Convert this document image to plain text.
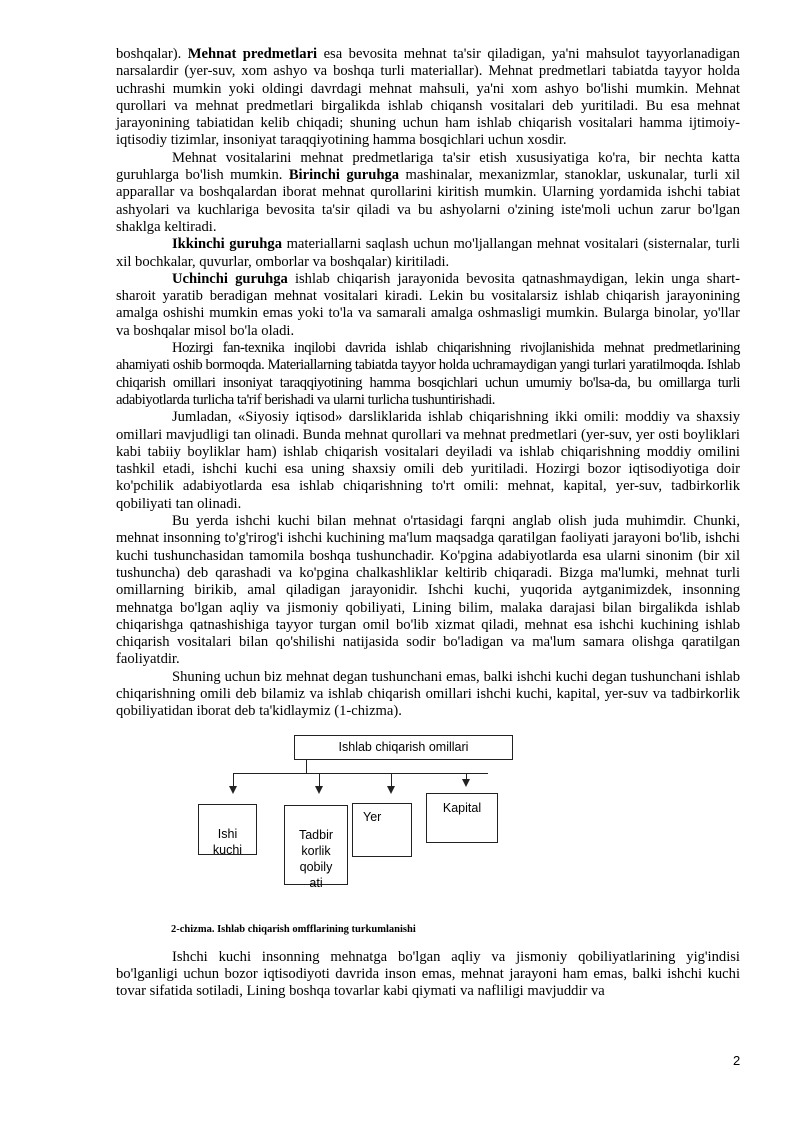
boshqalar). Mehnat predmetlari esa bevosita mehnat ta'sir qiladigan, ya'ni mahsulot tayyorlanadigan narsalardir (yer-suv, xom ashyo va boshqa turli materiallar). Mehnat predmetlari tabiatda tayyor holda uchrashi mumkin yoki oldingi davrdagi mehnat mahsuli, ya'ni xom ashyo bo'lishi mumkin. Mehnat qurollari va mehnat predmetlari birgalikda ishlab chiqansh vositalari deb yuritiladi. Bu esa mehnat jarayonining tabiatidan kelib chiqadi; shuning uchun ham ishlab chiqarish vositalari hamma ijtimoiy-iqtisodiy tizimlar, insoniyat taraqqiyotining hamma bosqichlari uchun xosdir.

Mehnat vositalarini mehnat predmetlariga ta'sir etish xususiyatiga ko'ra, bir nechta katta guruhlarga bo'lish mumkin. Birinchi guruhga mashinalar, mexanizmlar, stanoklar, uskunalar, turli xil apparallar va boshqalardan iborat mehnat qurollarini kiritish mumkin. Ularning yordamida ishchi tabiat ashyolari va kuchlariga bevosita ta'sir qiladi va bu ashyolarni o'zining iste'moli uchun zarur bo'lgan shaklga keltiradi.

Ikkinchi guruhga materiallarni saqlash uchun mo'ljallangan mehnat vositalari (sisternalar, turli xil bochkalar, quvurlar, omborlar va boshqalar) kiritiladi.

Uchinchi guruhga ishlab chiqarish jarayonida bevosita qatnashmaydigan, lekin unga shart-sharoit yaratib beradigan mehnat vositalari kiradi. Lekin bu vositalarsiz ishlab chiqarish jarayonining amalga oshishi mumkin emas yoki to'la va samarali amalga oshmasligi mumkin. Bularga binolar, yo'llar va boshqalar misol bo'la oladi.

Hozirgi fan-texnika inqilobi davrida ishlab chiqarishning rivojlanishida mehnat predmetlarining ahamiyati oshib bormoqda. Materiallarning tabiatda tayyor holda uchramaydigan yangi turlari yaratilmoqda. Ishlab chiqarish omillari insoniyat taraqqiyotining hamma bosqichlari uchun umumiy bo'lsa-da, bu omillarga turli adabiyotlarda turlicha ta'rif berishadi va ularni turlicha tushuntirishadi.

Jumladan, «Siyosiy iqtisod» darsliklarida ishlab chiqarishning ikki omili: moddiy va shaxsiy omillari mavjudligi tan olinadi. Bunda mehnat qurollari va mehnat predmetlari (yer-suv, yer osti boyliklari kabi tabiiy boyliklar ham) ishlab chiqarish vositalari deyiladi va ishlab chiqarishning moddiy omilini tashkil etadi, ishchi kuchi esa uning shaxsiy omili deb yuritiladi. Hozirgi bozor iqtisodiyotiga doir ko'pchilik adabiyotlarda esa ishlab chiqarishning to'rt omili: mehnat, kapital, yer-suv, tadbirkorlik qobiliyati tan olinadi.

Bu yerda ishchi kuchi bilan mehnat o'rtasidagi farqni anglab olish juda muhimdir. Chunki, mehnat insonning to'g'rirog'i ishchi kuchining ma'lum maqsadga qaratilgan faoliyati jarayoni bo'lib, ishchi kuchi tushunchasidan tamomila boshqa tushunchadir. Ko'pgina adabiyotlarda esa ularni sinonim (bir xil tushuncha) deb qarashadi va ko'pgina chalkashliklar keltirib chiqaradi. Bizga ma'lumki, mehnat turli omillarning birikib, amal qiladigan jarayonidir. Ishchi kuchi, yuqorida aytganimizdek, insonning mehnatga bo'lgan aqliy va jismoniy qobiliyati, Lining bilim, malaka darajasi bilan birgalikda ishlab chiqarishga qatnashishiga tayyor turgan omil bo'lib xizmat qiladi, mehnat esa ishchi kuchining ishlab chiqarish vositalari bilan qo'shilishi natijasida sodir bo'ladigan va ma'lum samara olishga qaratilgan faoliyatdir.

Shuning uchun biz mehnat degan tushunchani emas, balki ishchi kuchi degan tushunchani ishlab chiqarishning omili deb bilamiz va ishlab chiqarish omillari ishchi kuchi, kapital, yer-suv va tadbirkorlik qobiliyatidan iborat deb ta'kidlaymiz (1-chizma).

Ishlab chiqarish omillari

Ishi
kuchi

Tadbir
korlik
qobily
ati

Yer
Kapital

2-chizma. Ishlab chiqarish omfflarining turkumlanishi

Ishchi kuchi insonning mehnatga bo'lgan aqliy va jismoniy qobiliyatlarining yig'indisi bo'lganligi uchun bozor iqtisodiyoti davrida inson emas, mehnat jarayoni ham emas, balki ishchi kuchi tovar sifatida sotiladi, Lining boshqa tovarlar kabi qiymati va nafliligi mavjuddir va

2
